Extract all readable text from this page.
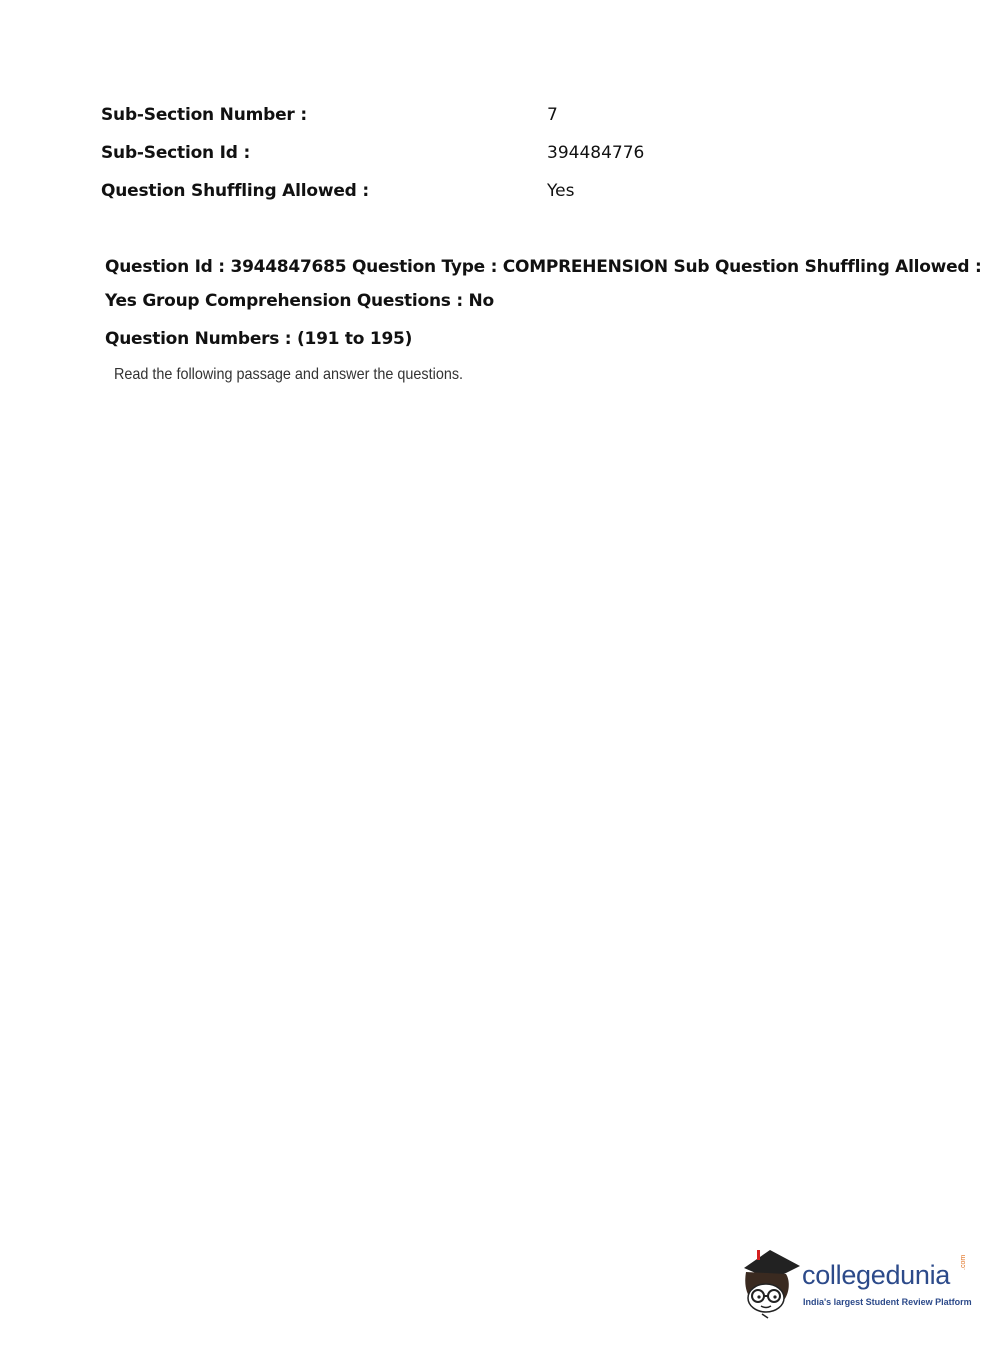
Sub-Section Number :	7
Sub-Section Id :	394484776
Question Shuffling Allowed :	Yes
Question Id : 3944847685 Question Type : COMPREHENSION Sub Question Shuffling Allowed :
Yes Group Comprehension Questions : No
Question Numbers : (191 to 195)
Read the following passage and answer the questions.
collegedunia .com
India's largest Student Review Platform
